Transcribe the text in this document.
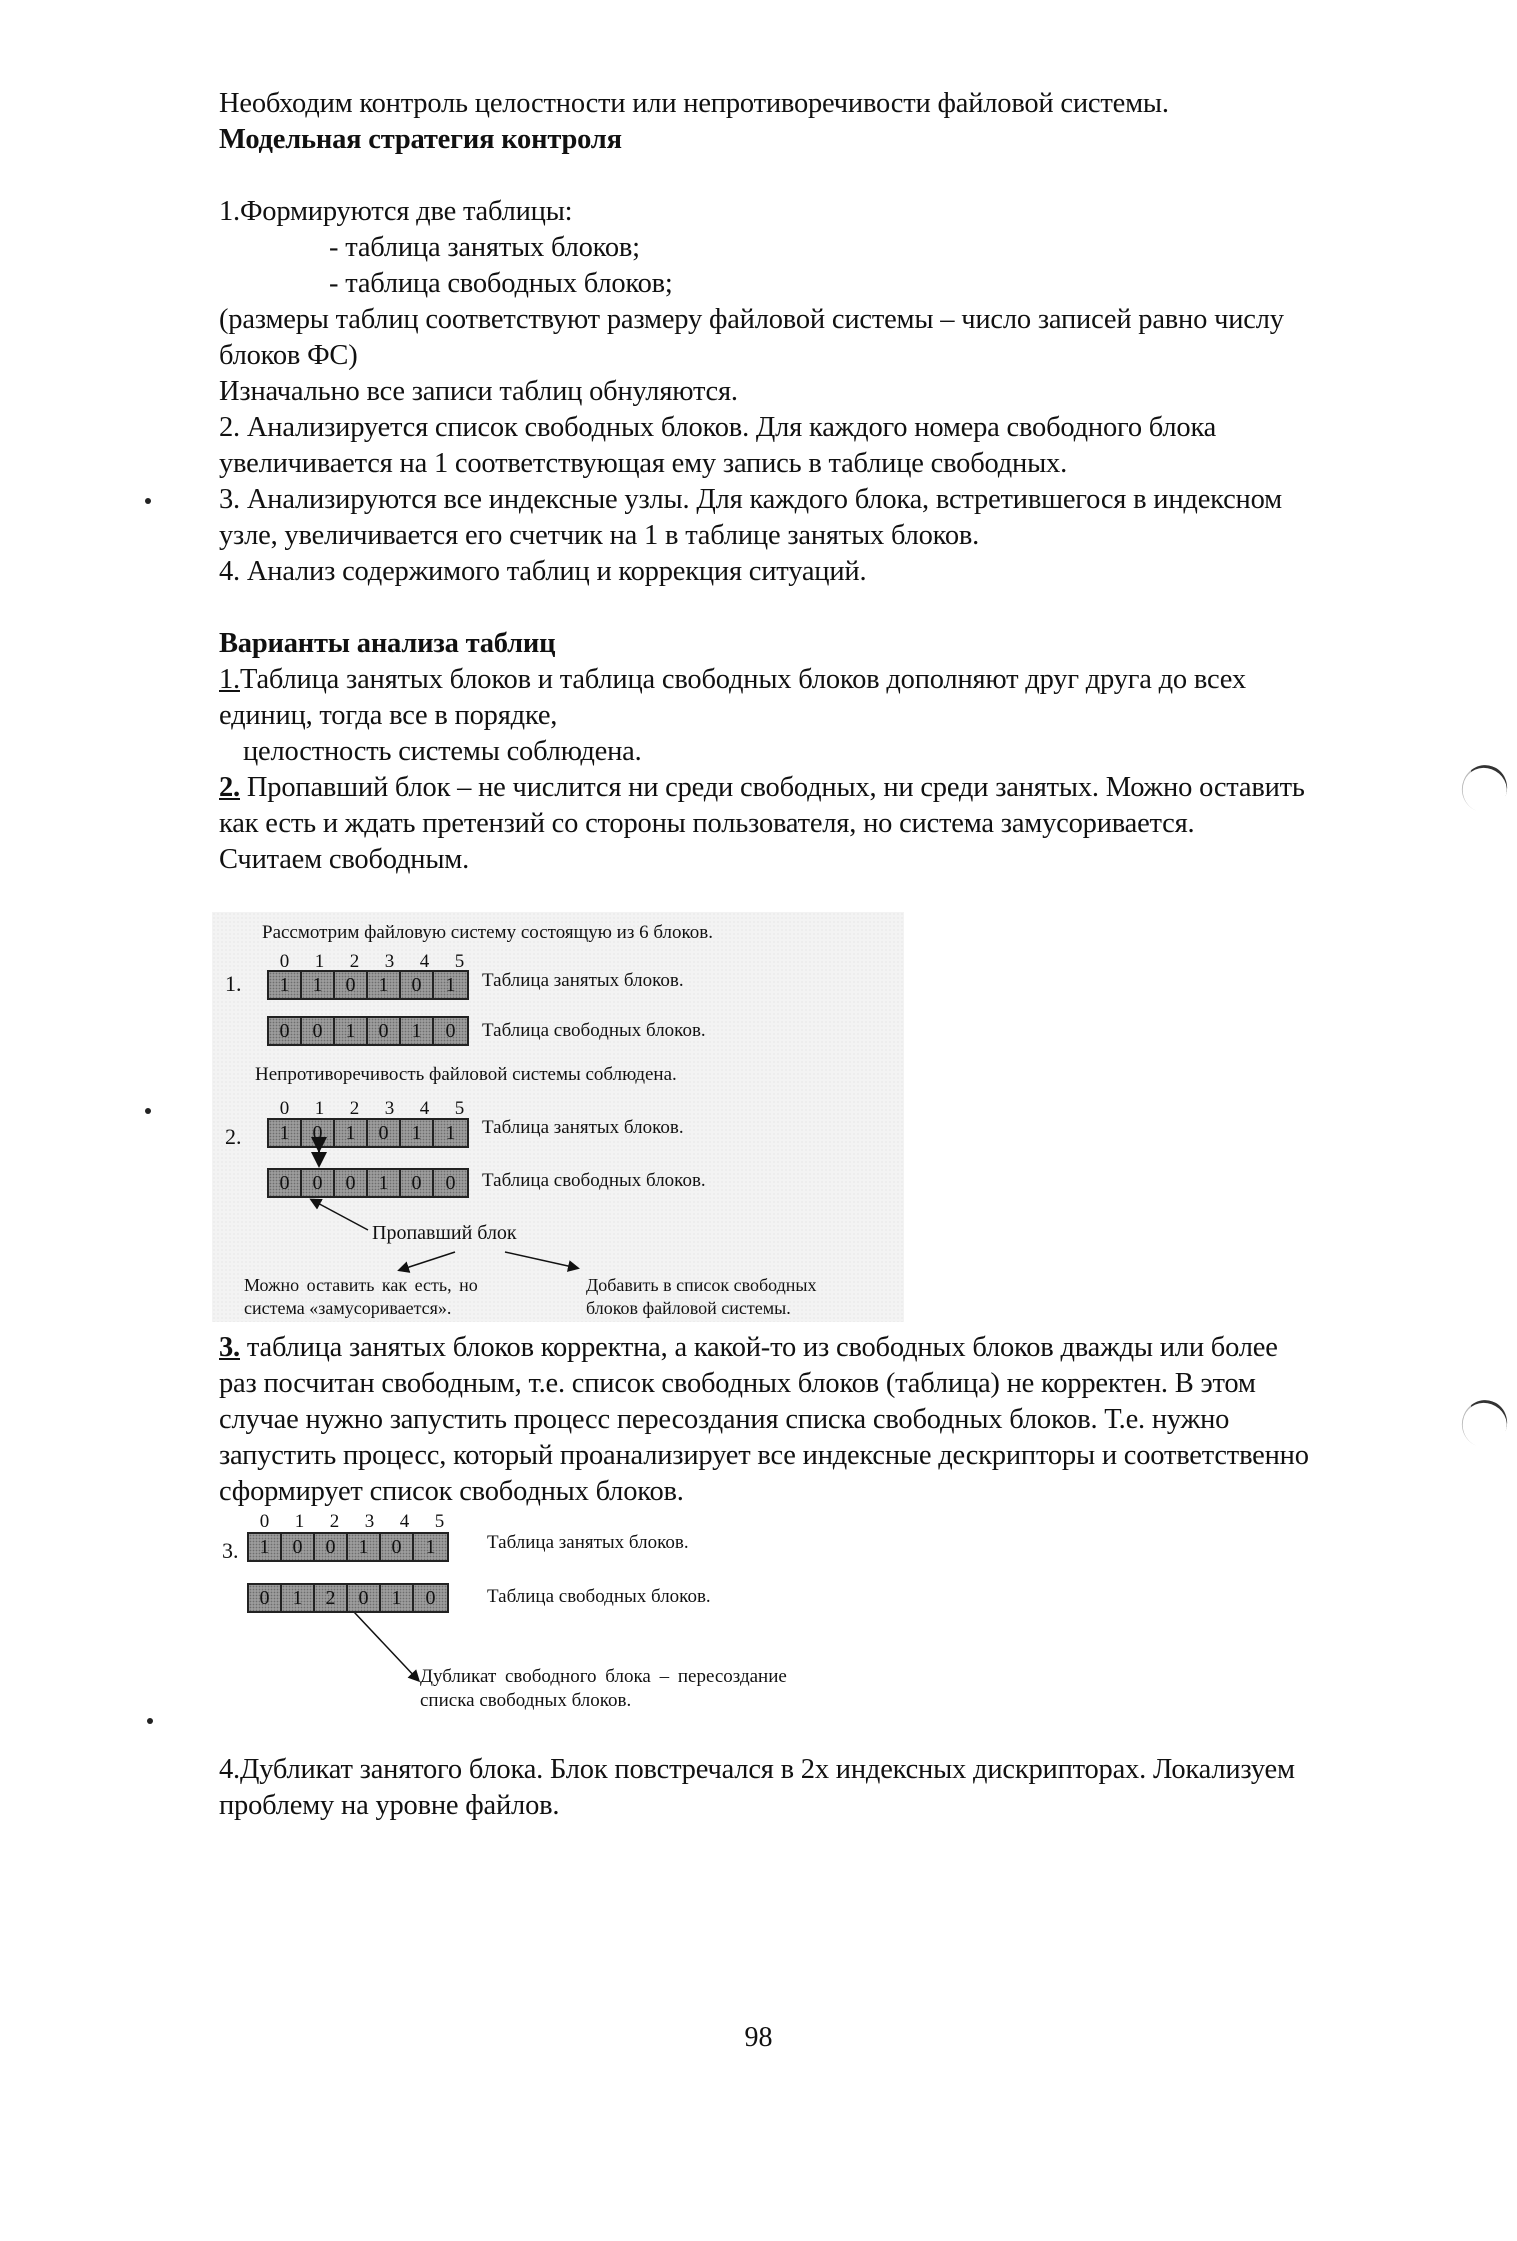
Необходим контроль целостности или непротиворечивости файловой системы.
Модельная стратегия контроля
1.Формируются две таблицы:
- таблица занятых блоков;
- таблица свободных блоков;
(размеры таблиц соответствуют размеру файловой системы – число записей равно числу
блоков ФС)
Изначально все записи таблиц обнуляются.
2. Анализируется список свободных блоков. Для каждого номера свободного блока
увеличивается на 1 соответствующая ему запись в таблице свободных.
3. Анализируются все индексные узлы. Для каждого блока, встретившегося в индексном
узле, увеличивается его счетчик на 1 в таблице занятых блоков.
4. Анализ содержимого таблиц и коррекция ситуаций.
Варианты анализа таблиц
1.Таблица занятых блоков и таблица свободных блоков дополняют друг друга до всех
единиц, тогда все в порядке,
целостность системы соблюдена.
2. Пропавший блок – не числится ни среди свободных, ни среди занятых. Можно оставить
как есть и ждать претензий со стороны пользователя, но система замусоривается.
Считаем свободным.
Рассмотрим файловую систему состоящую из 6 блоков.
0	1	2	3	4	5
1.	1	1	0	1	0	1	Таблица занятых блоков.
0	0	1	0	1	0	Таблица свободных блоков.
Непротиворечивость файловой системы соблюдена.
0	1	2	3	4	5
2.	1	0	1	0	1	1	Таблица занятых блоков.
0	0	0	1	0	0	Таблица свободных блоков.
Пропавший блок
Можно оставить как есть, но
система «замусоривается».
Добавить в список свободных
блоков файловой системы.
3. таблица занятых блоков корректна, а какой-то из свободных блоков дважды или более
раз посчитан свободным, т.е. список свободных блоков (таблица) не корректен. В этом
случае нужно запустить процесс пересоздания списка свободных блоков. Т.е. нужно
запустить процесс, который проанализирует все индексные дескрипторы и соответственно
сформирует список свободных блоков.
0	1	2	3	4	5
3.	1	0	0	1	0	1	Таблица занятых блоков.
0	1	2	0	1	0	Таблица свободных блоков.
Дубликат свободного блока – пересоздание
списка свободных блоков.
4.Дубликат занятого блока. Блок повстречался в 2х индексных дискрипторах. Локализуем
проблему на уровне файлов.
98
